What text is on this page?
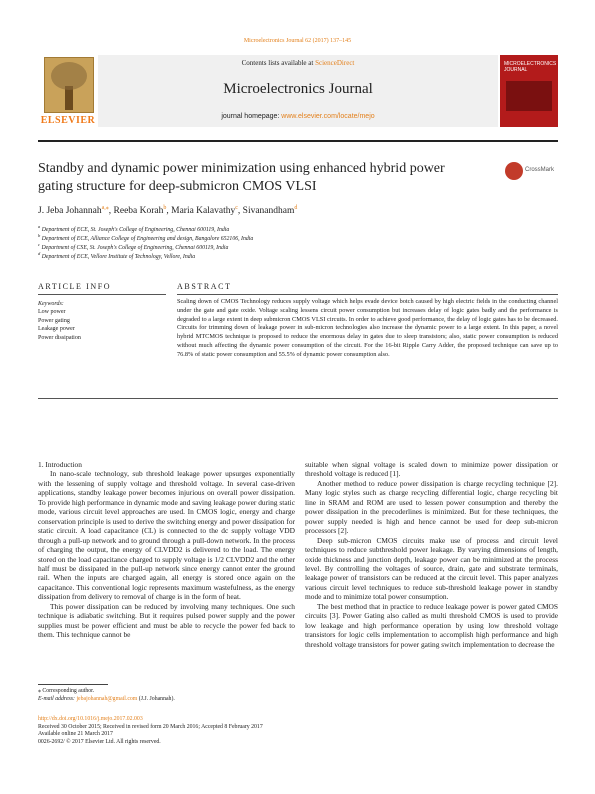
Microelectronics Journal 62 (2017) 137–145
ELSEVIER
Contents lists available at ScienceDirect
Microelectronics Journal
journal homepage: www.elsevier.com/locate/mejo
MICROELECTRONICS JOURNAL
Standby and dynamic power minimization using enhanced hybrid power gating structure for deep-submicron CMOS VLSI
CrossMark
J. Jeba Johannah$^{a,⁎}$, Reeba Korah$^b$, Maria Kalavathy$^c$, Sivanandham$^d$
$^a$ Department of ECE, St. Joseph's College of Engineering, Chennai 600119, India
$^b$ Department of ECE, Alliance College of Engineering and design, Bangalore 652106, India
$^c$ Department of CSE, St. Joseph's College of Engineering, Chennai 600119, India
$^d$ Department of ECE, Vellore Institute of Technology, Vellore, India
ARTICLE INFO	ABSTRACT
Keywords:
Low power
Power gating
Leakage power
Power dissipation
Scaling down of CMOS Technology reduces supply voltage which helps evade device botch caused by high electric fields in the conducting channel under the gate and gate oxide. Voltage scaling lessens circuit power consumption but increases delay of logic gates badly and the performance is degraded to a large extent in deep submicron CMOS VLSI circuits. In order to achieve good performance, the delay of logic gates has to be decreased. Circuits for trimming down of leakage power in sub-micron technologies also increase the dynamic power to a large extent. In this paper, a novel hybrid MTCMOS technique is proposed to reduce the enormous delay in gates due to sleep transistors; also, static power consumption is reduced without much affecting the dynamic power consumption of the circuit. For the 16-bit Ripple Carry Adder, the proposed technique can save up to 76.8% of static power consumption and 55.5% of dynamic power consumption also.

1. Introduction

In nano-scale technology, sub threshold leakage power upsurges exponentially with the lessening of supply voltage and threshold voltage. In several case-driven applications, standby leakage power becomes injurious on overall power dissipation. To provide high performance in dynamic mode and saving leakage power during static mode, various circuit level approaches are used. In CMOS logic, energy and charge conservation principle is used to derive the switching energy and power dissipation for static circuit. A load capacitance (CL) is connected to the dc supply voltage VDD through a pull-up network and to ground through a pull-down network. In the process of charging the output, the energy of CLVDD2 is delivered to the load. The energy stored on the load capacitance charged to supply voltage is 1/2 CLVDD2 and the other half must be dissipated in the pull-up network since energy cannot enter the ground rail. When the inputs are charged again, all energy is stored once again on the capacitance. This conventional logic represents maximum wastefulness, as the energy dissipation from delivery to removal of charge is in the form of heat.

This power dissipation can be reduced by involving many techniques. One such technique is adiabatic switching. But it requires pulsed power supply and the power supplies must be power efficient and must be able to recycle the power fed back to them. This technique cannot be

suitable when signal voltage is scaled down to minimize power dissipation or threshold voltage is reduced [1].

Another method to reduce power dissipation is charge recycling technique [2]. Many logic styles such as charge recycling differential logic, charge recycling bit line in SRAM and ROM are used to lessen power consumption and thereby the power dissipation in the precoderlines is minimized. But for these techniques, the power supply needed is high and hence cannot be used for deep sub-micron processors [2].

Deep sub-micron CMOS circuits make use of process and circuit level techniques to reduce subthreshold power leakage. By varying dimensions of length, oxide thickness and junction depth, leakage power can be minimized at the process level. By controlling the voltages of source, drain, gate and substrate terminals, leakage power of transistors can be reduced at the circuit level. This paper analyzes various circuit level techniques to reduce sub-threshold leakage power in standby mode and to minimize total power consumption.

The best method that in practice to reduce leakage power is power gated CMOS circuits [3]. Power Gating also called as multi threshold CMOS is used to provide low leakage and high performance operation by using low threshold voltage transistors for logic cells implementation to accomplish high performance and high threshold voltage transistors for power gating switch implementation to decrease the

⁎ Corresponding author.
E-mail address: jebajohannah@gmail.com (J.J. Johannah).
http://dx.doi.org/10.1016/j.mejo.2017.02.003
Received 30 October 2015; Received in revised form 20 March 2016; Accepted 8 February 2017
Available online 21 March 2017
0026-2692/ © 2017 Elsevier Ltd. All rights reserved.
